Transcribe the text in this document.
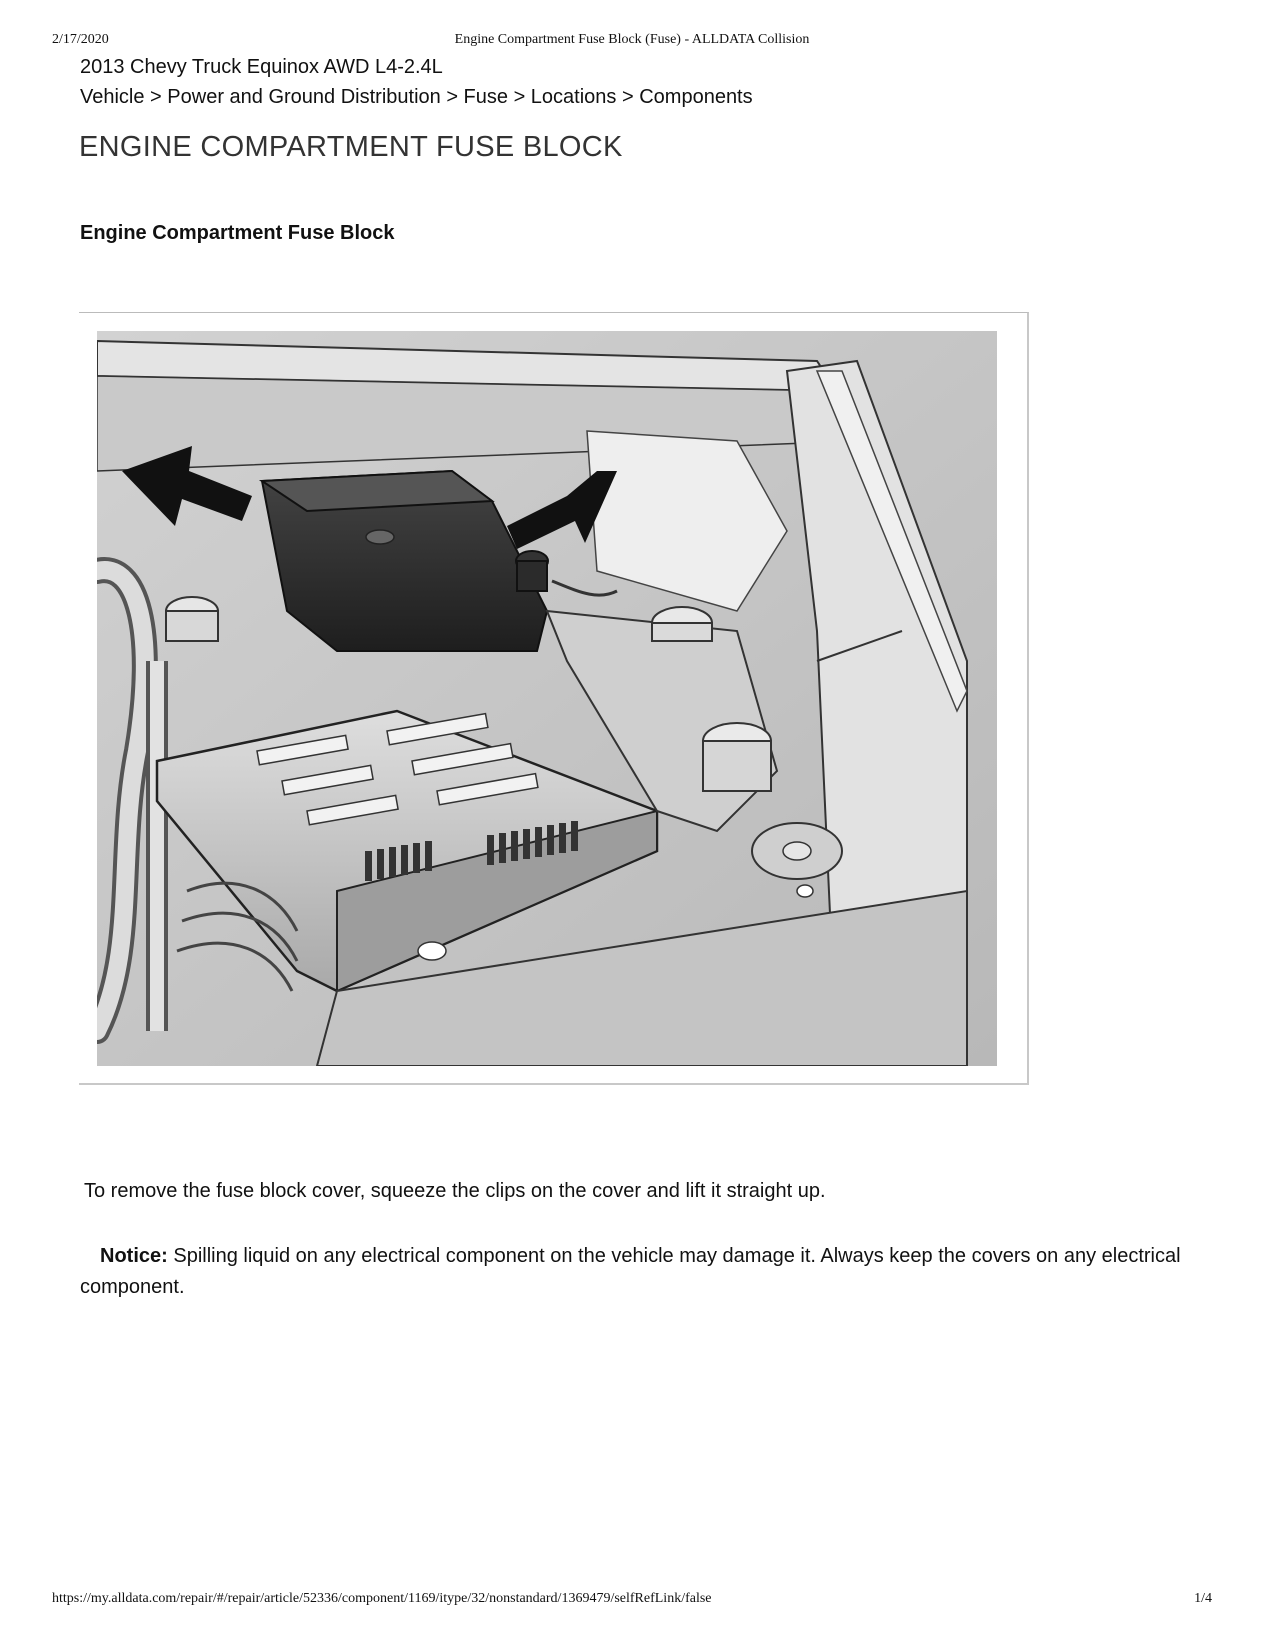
2/17/2020	Engine Compartment Fuse Block (Fuse) - ALLDATA Collision
2013 Chevy Truck Equinox AWD L4-2.4L
Vehicle > Power and Ground Distribution > Fuse > Locations > Components
ENGINE COMPARTMENT FUSE BLOCK
Engine Compartment Fuse Block
To remove the fuse block cover, squeeze the clips on the cover and lift it straight up.
Notice: Spilling liquid on any electrical component on the vehicle may damage it. Always keep the covers on any electrical component.
https://my.alldata.com/repair/#/repair/article/52336/component/1169/itype/32/nonstandard/1369479/selfRefLink/false	1/4
